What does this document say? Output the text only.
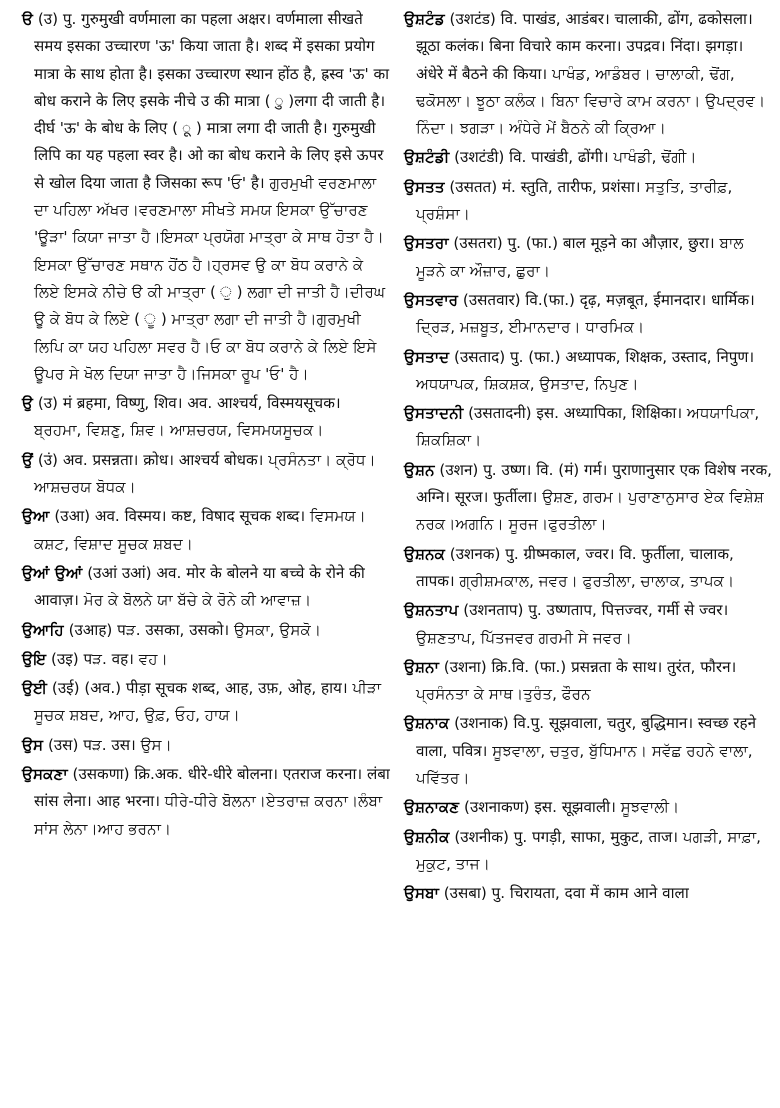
ੳ (उ) पु. गुरुमुखी वर्णमाला का पहला अक्षर। वर्णमाला सीखते समय इसका उच्चारण 'ऊ' किया जाता है। शब्द में इसका प्रयोग मात्रा के साथ होता है। इसका उच्चारण स्थान होंठ है, ह्रस्व 'ऊ' का बोध कराने के लिए इसके नीचे उ की मात्रा ( ु )लगा दी जाती है। दीर्घ 'ऊ' के बोध के लिए ( ू ) मात्रा लगा दी जाती है। गुरुमुखी लिपि का यह पहला स्वर है। ओ का बोध कराने के लिए इसे ऊपर से खोल दिया जाता है जिसका रूप 'ਓ' है। ਗੁਰਮੁਖੀ ਵਰਣਮਾਲਾ ਦਾ ਪਹਿਲਾ ਅੱਖਰ।ਵਰਣਮਾਲਾ ਸੀਖਤੇ ਸਮਯ ਇਸਕਾ ਉੱਚਾਰਣ 'ਊੜਾ' ਕਿਯਾ ਜਾਤਾ ਹੈ।ਇਸਕਾ ਪ੍ਰਯੋਗ ਮਾਤ੍ਰਾ ਕੇ ਸਾਥ ਹੋਤਾ ਹੈ।ਇਸਕਾ ਉੱਚਾਰਣ ਸਥਾਨ ਹੋਂਠ ਹੈ।ਹ੍ਰਸਵ ਉ ਕਾ ਬੋਧ ਕਰਾਨੇ ਕੇ ਲਿਏ ਇਸਕੇ ਨੀਚੇ ੳ ਕੀ ਮਾਤ੍ਰਾ ( ੁ ) ਲਗਾ ਦੀ ਜਾਤੀ ਹੈ।ਦੀਰਘ ਊ ਕੇ ਬੋਧ ਕੇ ਲਿਏ ( ੂ ) ਮਾਤ੍ਰਾ ਲਗਾ ਦੀ ਜਾਤੀ ਹੈ।ਗੁਰਮੁਖੀ ਲਿਪਿ ਕਾ ਯਹ ਪਹਿਲਾ ਸਵਰ ਹੈ।ਓ ਕਾ ਬੋਧ ਕਰਾਨੇ ਕੇ ਲਿਏ ਇਸੇ ਊਪਰ ਸੇ ਖੋਲ ਦਿਯਾ ਜਾਤਾ ਹੈ।ਜਿਸਕਾ ਰੂਪ 'ਓ' ਹੈ।

ਉ (उ) मं ब्रहमा, विष्णु, शिव। अव. आश्चर्य, विस्मयसूचक। ਬ੍ਰਹਮਾ, ਵਿਸ਼ਣੁ, ਸ਼ਿਵ। ਆਸ਼ਚਰਯ, ਵਿਸਮਯਸੂਚਕ।

ਉਂ (उं) अव. प्रसन्नता। क्रोध। आश्चर्य बोधक। ਪ੍ਰਸੰਨਤਾ। ਕ੍ਰੋਧ। ਆਸ਼ਚਰਯ ਬੋਧਕ।

ਉਆ (उआ) अव. विस्मय। कष्ट, विषाद सूचक शब्द। ਵਿਸਮਯ। ਕਸ਼ਟ, ਵਿਸ਼ਾਦ ਸੂਚਕ ਸ਼ਬਦ।

ਉਆਂ ਉਆਂ (उआं उआं) अव. मोर के बोलने या बच्चे के रोने की आवाज़। ਮੋਰ ਕੇ ਬੋਲਨੇ ਯਾ ਬੱਚੇ ਕੇ ਰੋਨੇ ਕੀ ਆਵਾਜ਼।

ਉਆਹਿ (उआह) पੜ. उसका, उसको। ਉਸਕਾ, ਉਸਕੋ।

ਉਇ (उइ) पੜ. वह। ਵਹ।

ਉਈ (उई) (अव.) पीड़ा सूचक शब्द, आह, उफ़, ओह, हाय। ਪੀੜਾ ਸੂਚਕ ਸ਼ਬਦ, ਆਹ, ਉਫ਼, ਓਹ, ਹਾਯ।

ਉਸ (उस) पੜ. उस। ਉਸ।

ਉਸਕਣਾ (उसकणा) क्रि.अक. धीरे-धीरे बोलना। एतराज करना। लंबा सांस लेना। आह भरना। ਧੀਰੇ-ਧੀਰੇ ਬੋਲਨਾ।ਏਤਰਾਜ਼ ਕਰਨਾ।ਲੰਬਾ ਸਾਂਸ ਲੇਨਾ।ਆਹ ਭਰਨਾ।

ਉਸ਼ਟੰਡ (उशटंड) वि. पाखंड, आडंबर। चालाकी, ढोंग, ढकोसला। झूठा कलंक। बिना विचारे काम करना। उपद्रव। निंदा। झगड़ा। अंधेरे में बैठने की किया। ਪਾਖੰਡ, ਆਡੰਬਰ। ਚਾਲਾਕੀ, ਢੋਂਗ, ਢਕੋਸਲਾ। ਝੂਠਾ ਕਲੰਕ। ਬਿਨਾ ਵਿਚਾਰੇ ਕਾਮ ਕਰਨਾ। ਉਪਦ੍ਰਵ। ਨਿੰਦਾ। ਝਗੜਾ। ਅੰਧੇਰੇ ਮੇਂ ਬੈਠਨੇ ਕੀ ਕ੍ਰਿਆ।

ਉਸ਼ਟੰਡੀ (उशटंडी) वि. पाखंडी, ढोंगी। ਪਾਖੰਡੀ, ਢੋਂਗੀ।

ਉਸਤਤ (उसतत) मं. स्तुति, तारीफ, प्रशंसा। ਸਤੁਤਿ, ਤਾਰੀਫ਼, ਪ੍ਰਸ਼ੰਸਾ।

ਉਸਤਰਾ (उसतरा) पु. (फा.) बाल मूड़ने का औज़ार, छुरा। ਬਾਲ ਮੂੜਨੇ ਕਾ ਔਜ਼ਾਰ, ਛੁਰਾ।

ਉਸਤਵਾਰ (उसतवार) वि.(फा.) दृढ़, मज़बूत, ईमानदार। धार्मिक। ਦ੍ਰਿੜ, ਮਜ਼ਬੂਤ, ਈਮਾਨਦਾਰ। ਧਾਰਮਿਕ।

ਉਸਤਾਦ (उसताद) पु. (फा.) अध्यापक, शिक्षक, उस्ताद, निपुण। ਅਧਯਾਪਕ, ਸ਼ਿਕਸ਼ਕ, ਉਸਤਾਦ, ਨਿਪੁਣ।

ਉਸਤਾਦਨੀ (उसतादनी) इस. अध्यापिका, शिक्षिका। ਅਧਯਾਪਿਕਾ, ਸ਼ਿਕਸ਼ਿਕਾ।

ਉਸ਼ਨ (उशन) पु. उष्ण। वि. (मं) गर्म। पुराणानुसार एक विशेष नरक, अग्नि। सूरज। फुर्तीला। ਉਸ਼ਣ, ਗਰਮ। ਪੁਰਾਣਾਨੁਸਾਰ ਏਕ ਵਿਸ਼ੇਸ਼ ਨਰਕ।ਅਗਨਿ। ਸੂਰਜ।ਫੁਰਤੀਲਾ।

ਉਸ਼ਨਕ (उशनक) पु. ग्रीष्मकाल, ज्वर। वि. फुर्तीला, चालाक, तापक। ਗ੍ਰੀਸ਼ਮਕਾਲ, ਜਵਰ। ਫੁਰਤੀਲਾ, ਚਾਲਾਕ, ਤਾਪਕ।

ਉਸ਼ਨਤਾਪ (उशनताप) पु. उष्णताप, पित्तज्वर, गर्मी से ज्वर। ਉਸ਼ਣਤਾਪ, ਪਿੱਤਜਵਰ ਗਰਮੀ ਸੇ ਜਵਰ।

ਉਸ਼ਨਾ (उशना) क्रि.वि. (फा.) प्रसन्नता के साथ। तुरंत, फौरन। ਪ੍ਰਸੰਨਤਾ ਕੇ ਸਾਥ।ਤੁਰੰਤ, ਫੌਰਨ

ਉਸ਼ਨਾਕ (उशनाक) वि.पु. सूझवाला, चतुर, बुद्धिमान। स्वच्छ रहने वाला, पवित्र। ਸੂਝਵਾਲਾ, ਚਤੁਰ, ਬੁੱਧਿਮਾਨ। ਸਵੱਛ ਰਹਨੇ ਵਾਲਾ, ਪਵਿੱਤਰ।

ਉਸ਼ਨਾਕਣ (उशनाकण) इस. सूझवाली। ਸੂਝਵਾਲੀ।

ਉਸ਼ਨੀਕ (उशनीक) पु. पगड़ी, साफा, मुकुट, ताज। ਪਗੜੀ, ਸਾਫ਼ਾ, ਮੁਕੁਟ, ਤਾਜ।

ਉਸਬਾ (उसबा) पु. चिरायता, दवा में काम आने वाला
